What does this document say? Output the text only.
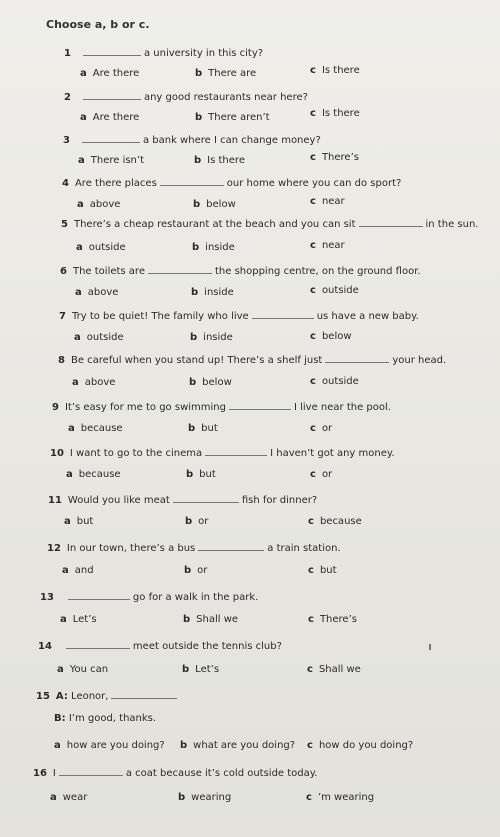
Choose a, b or c.
1	a university in this city?
a Are there	b There are	c Is there
2	any good restaurants near here?
a Are there	b There aren’t	c Is there
3	a bank where I can change money?
a There isn’t	b Is there	c There’s
4 Are there places	our home where you can do sport?
a above	b below	c near
5 There’s a cheap restaurant at the beach and you can sit	in the sun.
a outside	b inside	c near
6 The toilets are	the shopping centre, on the ground floor.
a above	b inside	c outside
7 Try to be quiet! The family who live	us have a new baby.
a outside	b inside	c below
8 Be careful when you stand up! There’s a shelf just	your head.
a above	b below	c outside
9 It’s easy for me to go swimming	I live near the pool.
a because	b but	c or
10 I want to go to the cinema	I haven’t got any money.
a because	b but	c or
11 Would you like meat	fish for dinner?
a but	b or	c because
12 In our town, there’s a bus	a train station.
a and	b or	c but
13	go for a walk in the park.
a Let’s	b Shall we	c There’s
14	meet outside the tennis club?
a You can	b Let’s	c Shall we
15 A: Leonor,
B: I’m good, thanks.
a how are you doing? b what are you doing? c how do you doing?
16 I	a coat because it’s cold outside today.
a wear	b wearing	c ’m wearing
